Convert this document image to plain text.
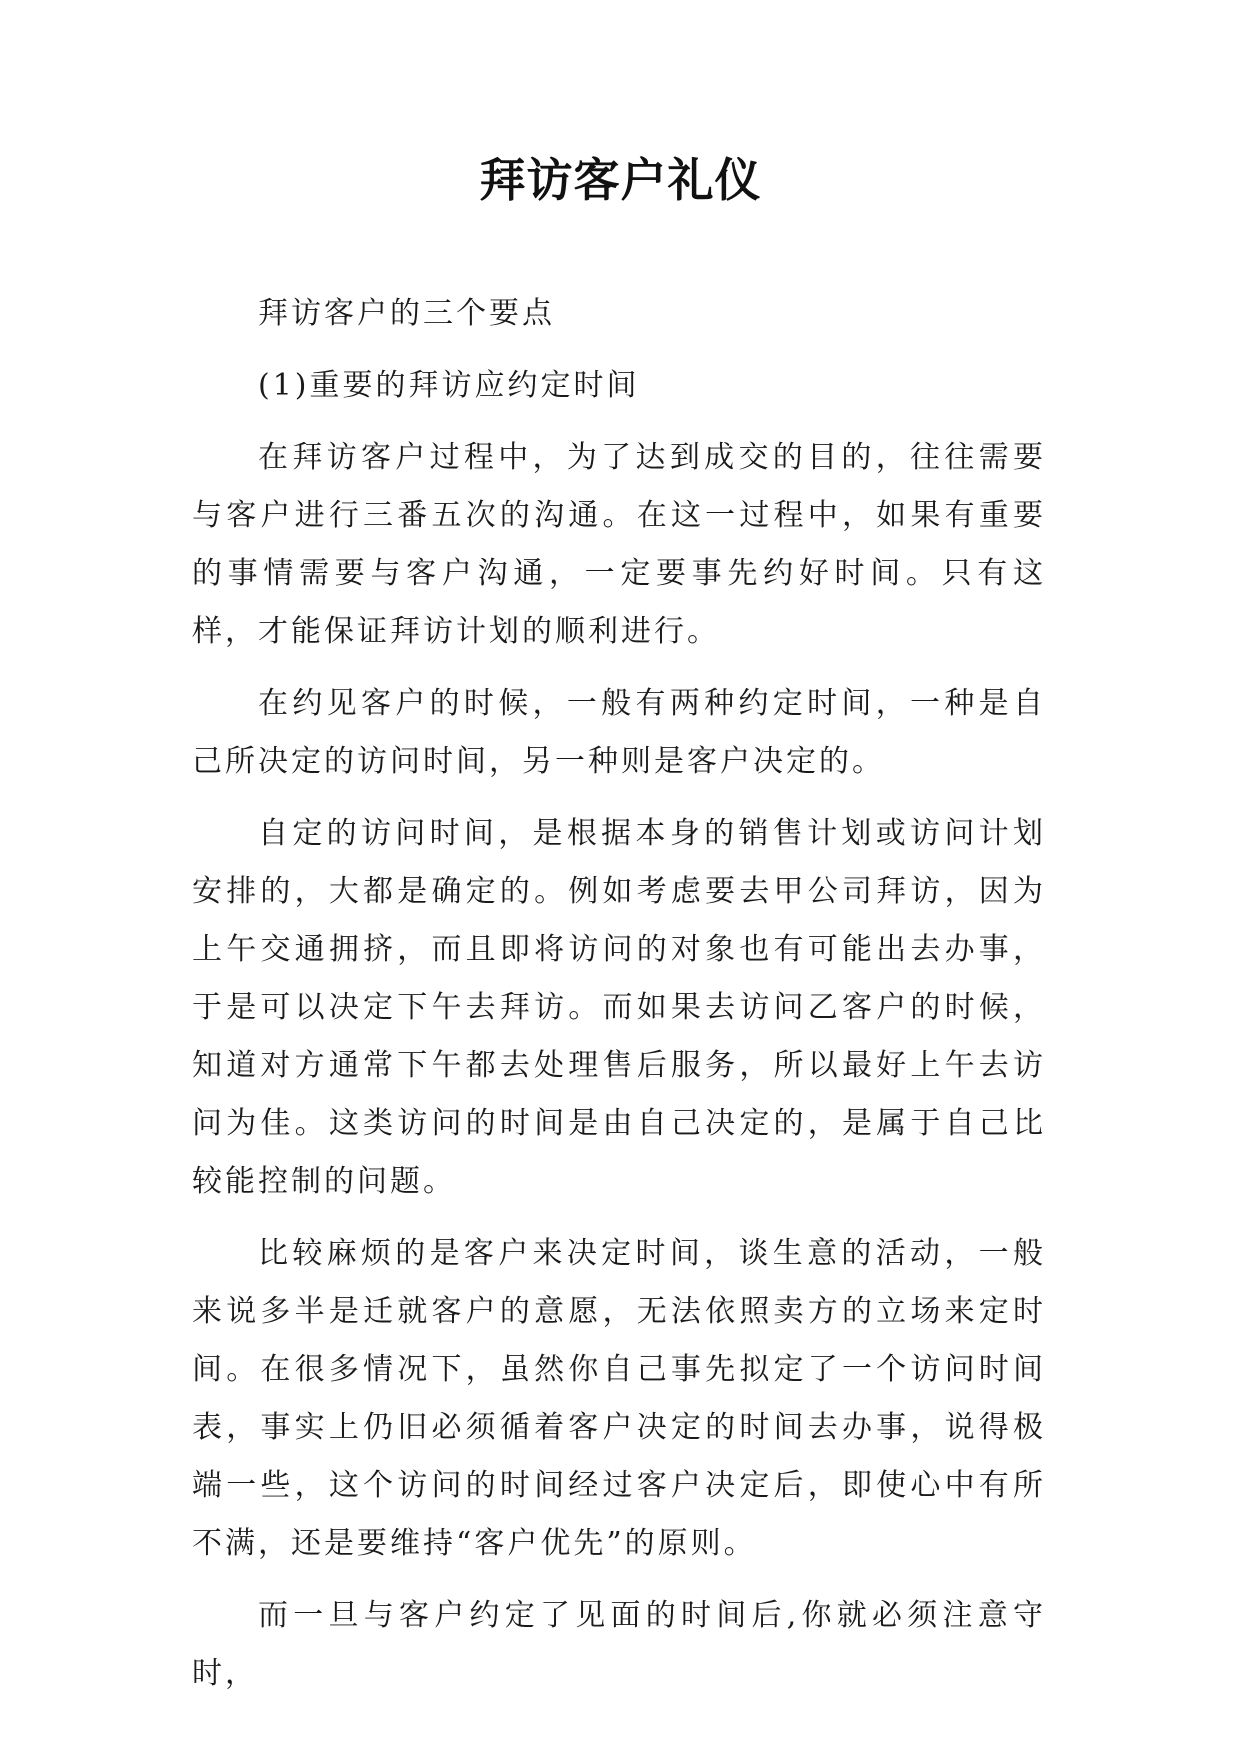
拜访客户礼仪

拜访客户的三个要点

(1)重要的拜访应约定时间

在拜访客户过程中，为了达到成交的目的，往往需要与客户进行三番五次的沟通。在这一过程中，如果有重要的事情需要与客户沟通，一定要事先约好时间。只有这样，才能保证拜访计划的顺利进行。

在约见客户的时候，一般有两种约定时间，一种是自己所决定的访问时间，另一种则是客户决定的。

自定的访问时间，是根据本身的销售计划或访问计划安排的，大都是确定的。例如考虑要去甲公司拜访，因为上午交通拥挤，而且即将访问的对象也有可能出去办事，于是可以决定下午去拜访。而如果去访问乙客户的时候，知道对方通常下午都去处理售后服务，所以最好上午去访问为佳。这类访问的时间是由自己决定的，是属于自己比较能控制的问题。

比较麻烦的是客户来决定时间，谈生意的活动，一般来说多半是迁就客户的意愿，无法依照卖方的立场来定时间。在很多情况下，虽然你自己事先拟定了一个访问时间表，事实上仍旧必须循着客户决定的时间去办事，说得极端一些，这个访问的时间经过客户决定后，即使心中有所不满，还是要维持“客户优先”的原则。

而一旦与客户约定了见面的时间后,你就必须注意守时，
